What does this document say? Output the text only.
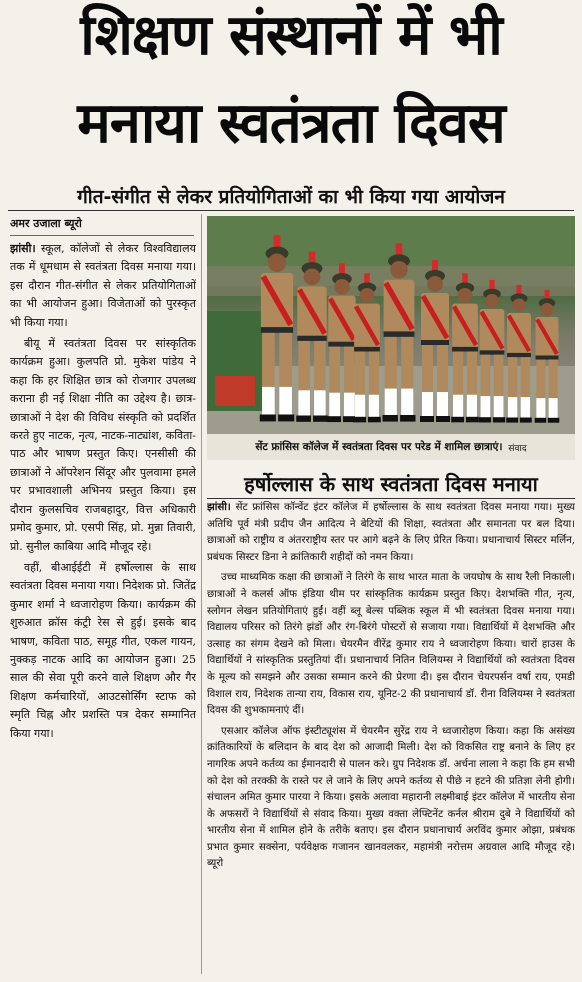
शिक्षण संस्थानों में भी
मनाया स्वतंत्रता दिवस
गीत-संगीत से लेकर प्रतियोगिताओं का भी किया गया आयोजन
अमर उजाला ब्यूरो

झांसी। स्कूल, कॉलेजों से लेकर विश्वविद्यालय तक में धूमधाम से स्वतंत्रता दिवस मनाया गया। इस दौरान गीत-संगीत से लेकर प्रतियोगिताओं का भी आयोजन हुआ। विजेताओं को पुरस्कृत भी किया गया।

बीयू में स्वतंत्रता दिवस पर सांस्कृतिक कार्यक्रम हुआ। कुलपति प्रो. मुकेश पांडेय ने कहा कि हर शिक्षित छात्र को रोजगार उपलब्ध कराना ही नई शिक्षा नीति का उद्देश्य है। छात्र-छात्राओं ने देश की विविध संस्कृति को प्रदर्शित करते हुए नाटक, नृत्य, नाटक-नाट्यांश, कविता-पाठ और भाषण प्रस्तुत किए। एनसीसी की छात्राओं ने ऑपरेशन सिंदूर और पुलवामा हमले पर प्रभावशाली अभिनय प्रस्तुत किया। इस दौरान कुलसचिव राजबहादुर, वित्त अधिकारी प्रमोद कुमार, प्रो. एसपी सिंह, प्रो. मुन्ना तिवारी, प्रो. सुनील काबिया आदि मौजूद रहे।

वहीं, बीआईईटी में हर्षोल्लास के साथ स्वतंत्रता दिवस मनाया गया। निदेशक प्रो. जितेंद्र कुमार शर्मा ने ध्वजारोहण किया। कार्यक्रम की शुरुआत क्रॉस कंट्री रेस से हुई। इसके बाद भाषण, कविता पाठ, समूह गीत, एकल गायन, नुक्कड़ नाटक आदि का आयोजन हुआ। 25 साल की सेवा पूरी करने वाले शिक्षण और गैर शिक्षण कर्मचारियों, आउटसोर्सिंग स्टाफ को स्मृति चिह्न और प्रशस्ति पत्र देकर सम्मानित किया गया।

सेंट फ्रांसिस कॉलेज में स्वतंत्रता दिवस पर परेड में शामिल छात्राएं। संवाद
हर्षोल्लास के साथ स्वतंत्रता दिवस मनाया

झांसी। सेंट फ्रांसिस कॉन्वेंट इंटर कॉलेज में हर्षोल्लास के साथ स्वतंत्रता दिवस मनाया गया। मुख्य अतिथि पूर्व मंत्री प्रदीप जैन आदित्य ने बेटियों की शिक्षा, स्वतंत्रता और समानता पर बल दिया। छात्राओं को राष्ट्रीय व अंतरराष्ट्रीय स्तर पर आगे बढ़ने के लिए प्रेरित किया। प्रधानाचार्य सिस्टर मर्लिन, प्रबंधक सिस्टर डिना ने क्रांतिकारी शहीदों को नमन किया।

उच्च माध्यमिक कक्षा की छात्राओं ने तिरंगे के साथ भारत माता के जयघोष के साथ रैली निकाली। छात्राओं ने कलर्स ऑफ इंडिया थीम पर सांस्कृतिक कार्यक्रम प्रस्तुत किए। देशभक्ति गीत, नृत्य, स्लोगन लेखन प्रतियोगिताएं हुईं। वहीं ब्लू बेल्स पब्लिक स्कूल में भी स्वतंत्रता दिवस मनाया गया। विद्यालय परिसर को तिरंगे झंडों और रंग-बिरंगे पोस्टरों से सजाया गया। विद्यार्थियों में देशभक्ति और उत्साह का संगम देखने को मिला। चेयरमैन वीरेंद्र कुमार राय ने ध्वजारोहण किया। चारों हाउस के विद्यार्थियों ने सांस्कृतिक प्रस्तुतियां दीं। प्रधानाचार्य नितिन विलियम्स ने विद्यार्थियों को स्वतंत्रता दिवस के मूल्य को समझने और उसका सम्मान करने की प्रेरणा दी। इस दौरान चेयरपर्सन वर्षा राय, एमडी विशाल राय, निदेशक तान्या राय, विकास राय, यूनिट-2 की प्रधानाचार्य डॉ. रीना विलियम्स ने स्वतंत्रता दिवस की शुभकामनाएं दीं।

एसआर कॉलेज ऑफ इंस्टीट्यूशंस में चेयरमैन सुरेंद्र राय ने ध्वजारोहण किया। कहा कि असंख्य क्रांतिकारियों के बलिदान के बाद देश को आजादी मिली। देश को विकसित राष्ट्र बनाने के लिए हर नागरिक अपने कर्तव्य का ईमानदारी से पालन करे। ग्रुप निदेशक डॉ. अर्चना लाला ने कहा कि हम सभी को देश को तरक्की के रास्ते पर ले जाने के लिए अपने कर्तव्य से पीछे न हटने की प्रतिज्ञा लेनी होगी। संचालन अमित कुमार पारया ने किया। इसके अलावा महारानी लक्ष्मीबाई इंटर कॉलेज में भारतीय सेना के अफसरों ने विद्यार्थियों से संवाद किया। मुख्य वक्ता लेफ्टिनेंट कर्नल श्रीराम दुबे ने विद्यार्थियों को भारतीय सेना में शामिल होने के तरीके बताए। इस दौरान प्रधानाचार्य अरविंद कुमार ओझा, प्रबंधक प्रभात कुमार सक्सेना, पर्यवेक्षक गजानन खानवलकर, महामंत्री नरोत्तम अग्रवाल आदि मौजूद रहे। ब्यूरो
